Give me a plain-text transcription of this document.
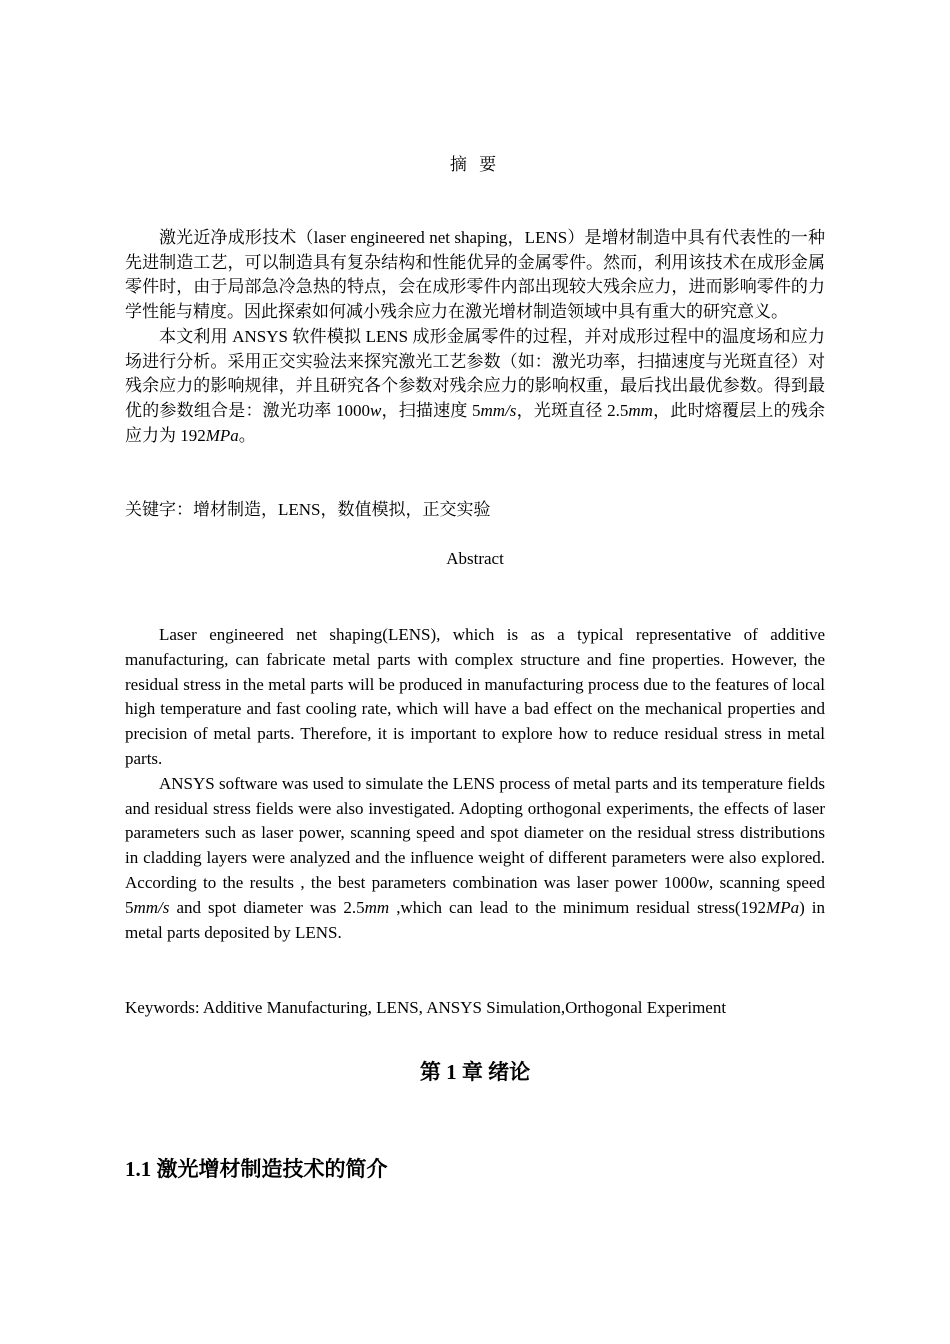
摘 要

激光近净成形技术（laser engineered net shaping，LENS）是增材制造中具有代表性的一种先进制造工艺，可以制造具有复杂结构和性能优异的金属零件。然而，利用该技术在成形金属零件时，由于局部急冷急热的特点，会在成形零件内部出现较大残余应力，进而影响零件的力学性能与精度。因此探索如何减小残余应力在激光增材制造领域中具有重大的研究意义。

本文利用 ANSYS 软件模拟 LENS 成形金属零件的过程，并对成形过程中的温度场和应力场进行分析。采用正交实验法来探究激光工艺参数（如：激光功率，扫描速度与光斑直径）对残余应力的影响规律，并且研究各个参数对残余应力的影响权重，最后找出最优参数。得到最优的参数组合是：激光功率 1000w，扫描速度 5mm/s，光斑直径 2.5mm，此时熔覆层上的残余应力为 192MPa。

关键字：增材制造，LENS，数值模拟，正交实验
Abstract

Laser engineered net shaping(LENS), which is as a typical representative of additive manufacturing, can fabricate metal parts with complex structure and fine properties. However, the residual stress in the metal parts will be produced in manufacturing process due to the features of local high temperature and fast cooling rate, which will have a bad effect on the mechanical properties and precision of metal parts. Therefore, it is important to explore how to reduce residual stress in metal parts.

ANSYS software was used to simulate the LENS process of metal parts and its temperature fields and residual stress fields were also investigated. Adopting orthogonal experiments, the effects of laser parameters such as laser power, scanning speed and spot diameter on the residual stress distributions in cladding layers were analyzed and the influence weight of different parameters were also explored. According to the results , the best parameters combination was laser power 1000w, scanning speed 5mm/s and spot diameter was 2.5mm ,which can lead to the minimum residual stress(192MPa) in metal parts deposited by LENS.

Keywords: Additive Manufacturing, LENS, ANSYS Simulation,Orthogonal Experiment
第 1 章 绪论
1.1 激光增材制造技术的简介
